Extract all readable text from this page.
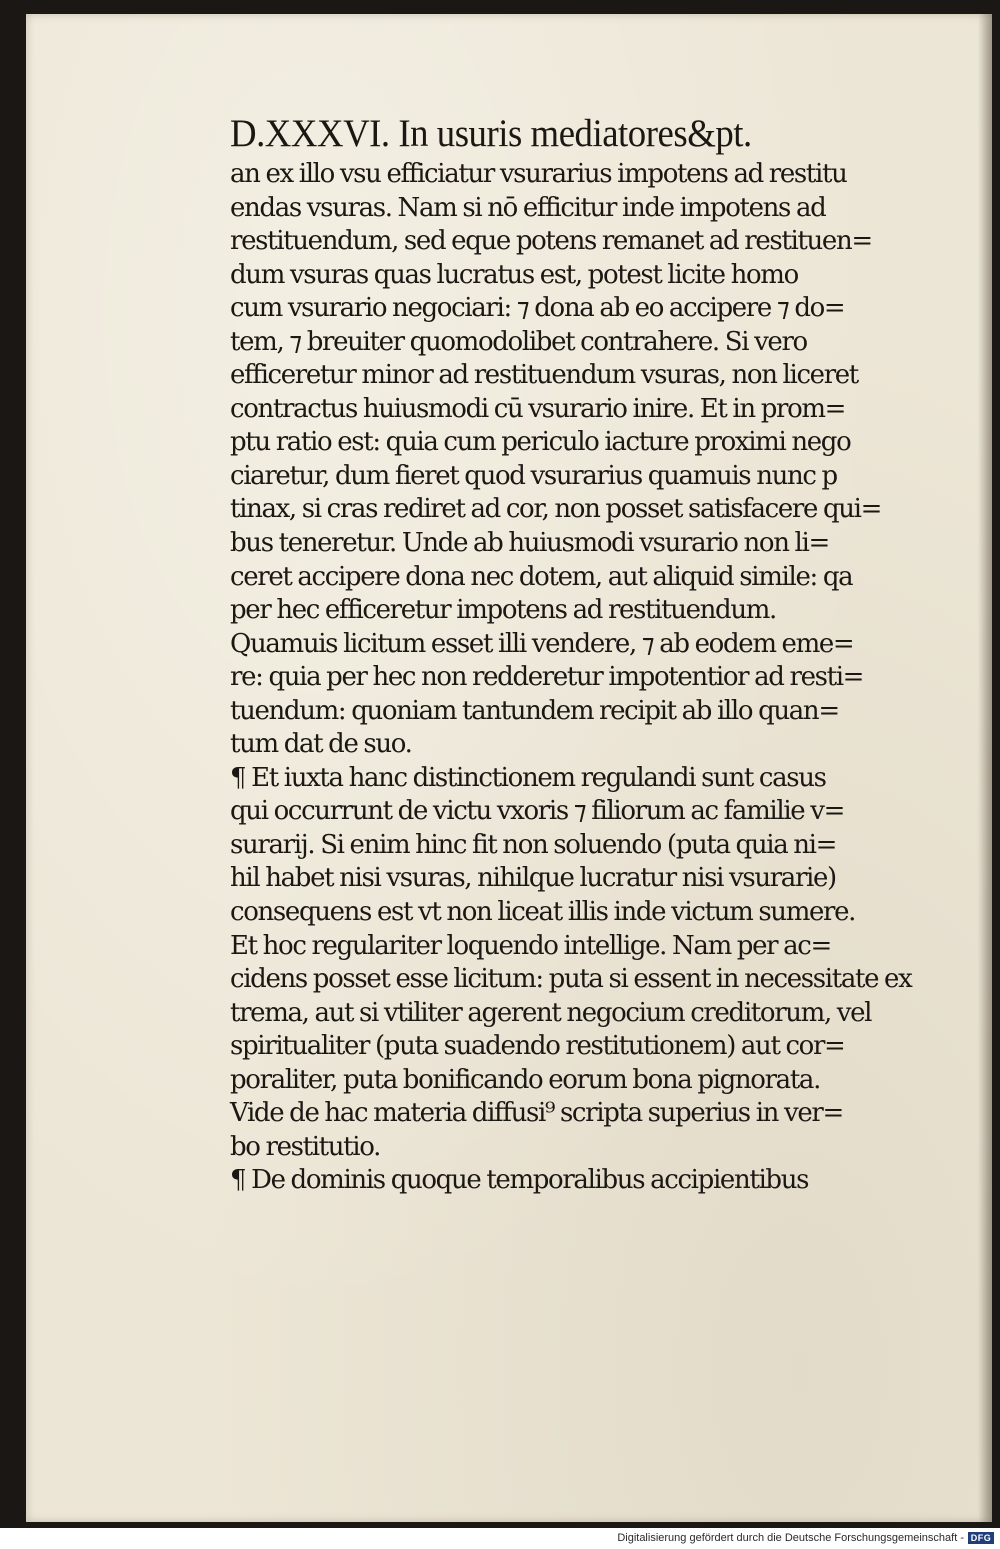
D.XXXVI. In usuris mediatores&pt.
an ex illo vsu efficiatur vsurarius impotens ad restitu
endas vsuras. Nam si nō efficitur inde impotens ad
restituendum, sed eque potens remanet ad restituen=
dum vsuras quas lucratus est, potest licite homo
cum vsurario negociari: ⁊ dona ab eo accipere ⁊ do=
tem, ⁊ breuiter quomodolibet contrahere. Si vero
efficeretur minor ad restituendum vsuras, non liceret
contractus huiusmodi cū vsurario inire. Et in prom=
ptu ratio est: quia cum periculo iacture proximi nego
ciaretur, dum fieret quod vsurarius quamuis nunc p
tinax, si cras rediret ad cor, non posset satisfacere qui=
bus teneretur. Unde ab huiusmodi vsurario non li=
ceret accipere dona nec dotem, aut aliquid simile: qa
per hec efficeretur impotens ad restituendum.
Quamuis licitum esset illi vendere, ⁊ ab eodem eme=
re: quia per hec non redderetur impotentior ad resti=
tuendum: quoniam tantundem recipit ab illo quan=
tum dat de suo.
¶ Et iuxta hanc distinctionem regulandi sunt casus
qui occurrunt de victu vxoris ⁊ filiorum ac familie v=
surarij. Si enim hinc fit non soluendo (puta quia ni=
hil habet nisi vsuras, nihilque lucratur nisi vsurarie)
consequens est vt non liceat illis inde victum sumere.
Et hoc regulariter loquendo intellige. Nam per ac=
cidens posset esse licitum: puta si essent in necessitate ex
trema, aut si vtiliter agerent negocium creditorum, vel
spiritualiter (puta suadendo restitutionem) aut cor=
poraliter, puta bonificando eorum bona pignorata.
Vide de hac materia diffusi⁹ scripta superius in ver=
bo restitutio.
¶ De dominis quoque temporalibus accipientibus
Digitalisierung gefördert durch die Deutsche Forschungsgemeinschaft - DFG
